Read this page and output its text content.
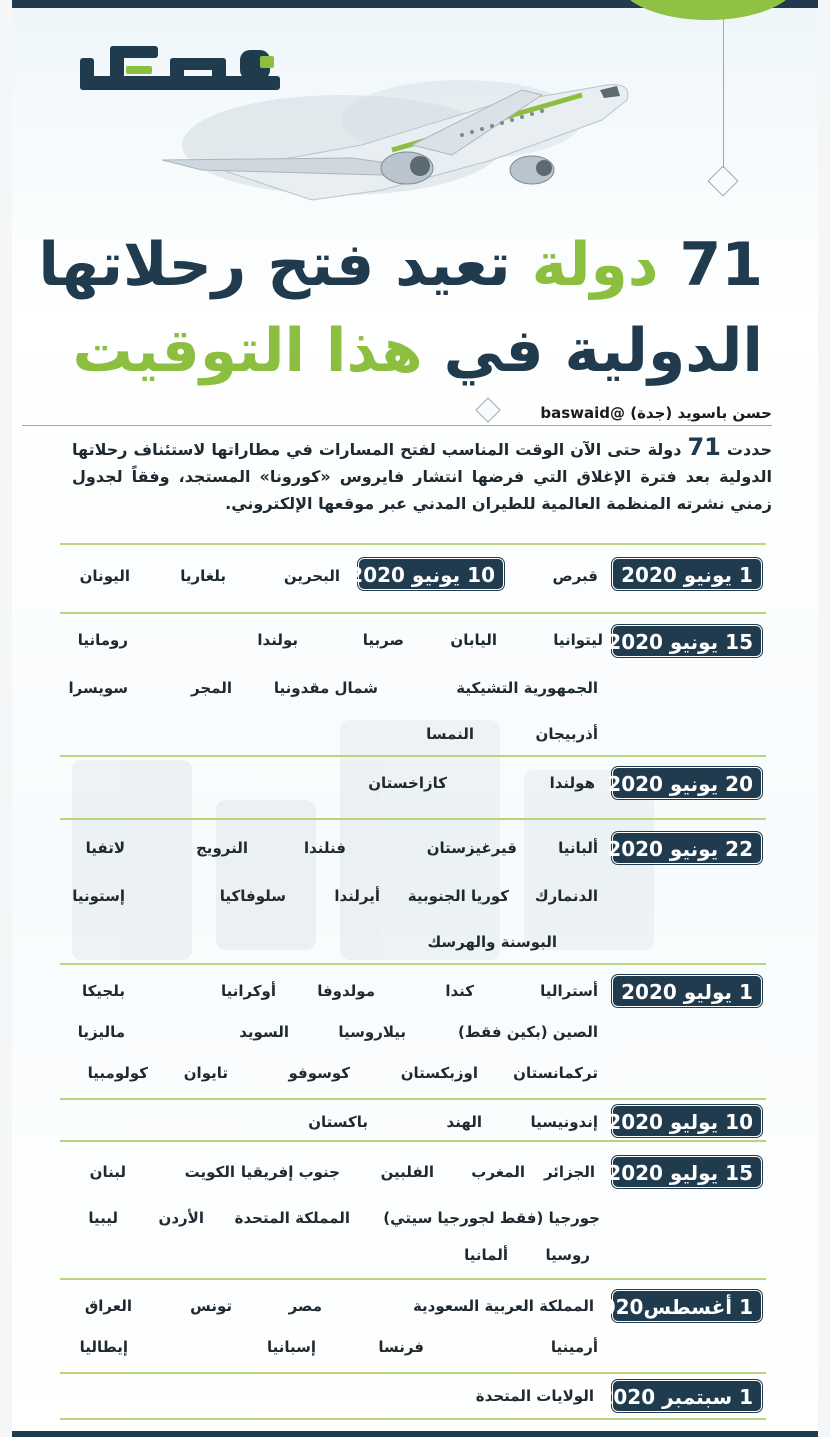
71 دولة تعيد فتح رحلاتها
الدولية في هذا التوقيت
حسن باسويد (جدة) @baswaid
حددت 71 دولة حتى الآن الوقت المناسب لفتح المسارات في مطاراتها لاستئناف رحلاتها الدولية بعد فترة الإغلاق التي فرضها انتشار فايروس «كورونا» المستجد، وفقاً لجدول زمني نشرته المنظمة العالمية للطيران المدني عبر موقعها الإلكتروني.
1 يونيو 2020
قبرص
10 يونيو 2020
البحرين
بلغاريا
اليونان
15 يونيو 2020
ليتوانيا
اليابان
صربيا
بولندا
رومانيا
الجمهورية التشيكية
شمال مقدونيا
المجر
سويسرا
أذربيجان
النمسا
20 يونيو 2020
هولندا
كازاخستان
22 يونيو 2020
ألبانيا
قيرغيزستان
فنلندا
النرويج
لاتفيا
الدنمارك
كوريا الجنوبية
أيرلندا
سلوفاكيا
إستونيا
البوسنة والهرسك
1 يوليو 2020
أستراليا
كندا
مولدوفا
أوكرانيا
بلجيكا
الصين (بكين فقط)
بيلاروسيا
السويد
ماليزيا
تركمانستان
اوزبكستان
كوسوفو
تايوان
كولومبيا
10 يوليو 2020
إندونيسيا
الهند
باكستان
15 يوليو 2020
الجزائر
المغرب
الفلبين
جنوب إفريقيا
الكويت
لبنان
جورجيا (فقط لجورجيا سيتي)
المملكة المتحدة
الأردن
ليبيا
روسيا
ألمانيا
1 أغسطس2020
المملكة العربية السعودية
مصر
تونس
العراق
أرمينيا
فرنسا
إسبانيا
إيطاليا
1 سبتمبر 2020
الولايات المتحدة
